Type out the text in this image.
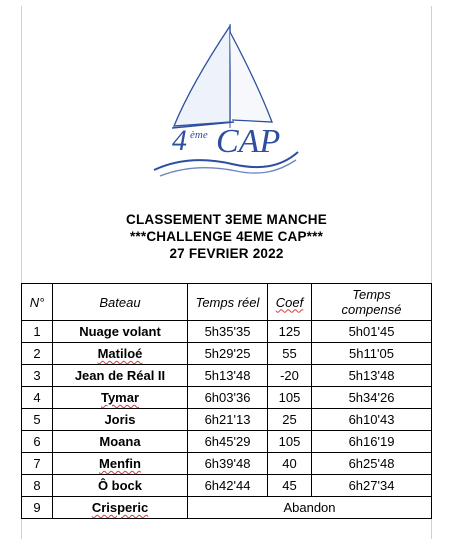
4 ème CAP
CLASSEMENT 3EME MANCHE
***CHALLENGE 4EME CAP***
27 FEVRIER 2022
N°	Bateau	Temps réel	Coef	Temps compensé
1	Nuage volant	5h35'35	125	5h01'45
2	Matiloé	5h29'25	55	5h11'05
3	Jean de Réal II	5h13'48	-20	5h13'48
4	Tymar	6h03'36	105	5h34'26
5	Joris	6h21'13	25	6h10'43
6	Moana	6h45'29	105	6h16'19
7	Menfin	6h39'48	40	6h25'48
8	Ô bock	6h42'44	45	6h27'34
9	Crisperic	Abandon		
